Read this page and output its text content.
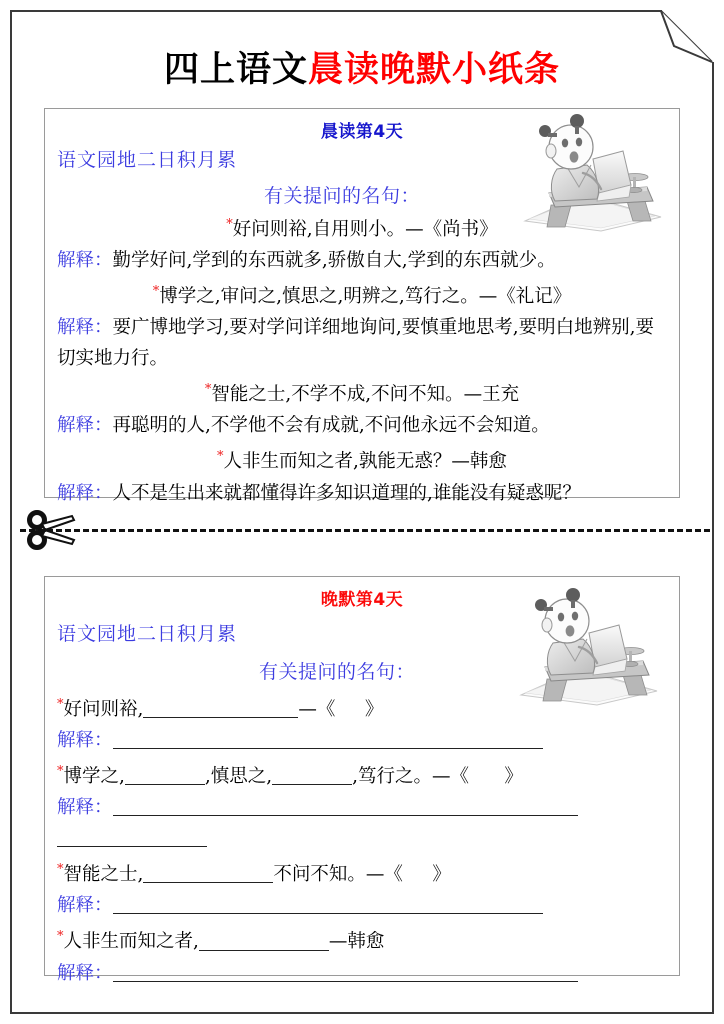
四上语文晨读晚默小纸条
晨读第4天
语文园地二日积月累
有关提问的名句：
*好问则裕,自用则小。—《尚书》
解释：勤学好问,学到的东西就多,骄傲自大,学到的东西就少。
*博学之,审问之,慎思之,明辨之,笃行之。—《礼记》
解释：要广博地学习,要对学问详细地询问,要慎重地思考,要明白地辨别,要切实地力行。
*智能之士,不学不成,不问不知。—王充
解释：再聪明的人,不学他不会有成就,不问他永远不会知道。
*人非生而知之者,孰能无惑？—韩愈
解释：人不是生出来就都懂得许多知识道理的,谁能没有疑惑呢？
晚默第4天
语文园地二日积月累
有关提问的名句：
*好问则裕,	—《 》
解释：
*博学之,	,慎思之,	,笃行之。—《 》
解释：
*智能之士,	不问不知。—《 》
解释：
*人非生而知之者,	—韩愈
解释：
